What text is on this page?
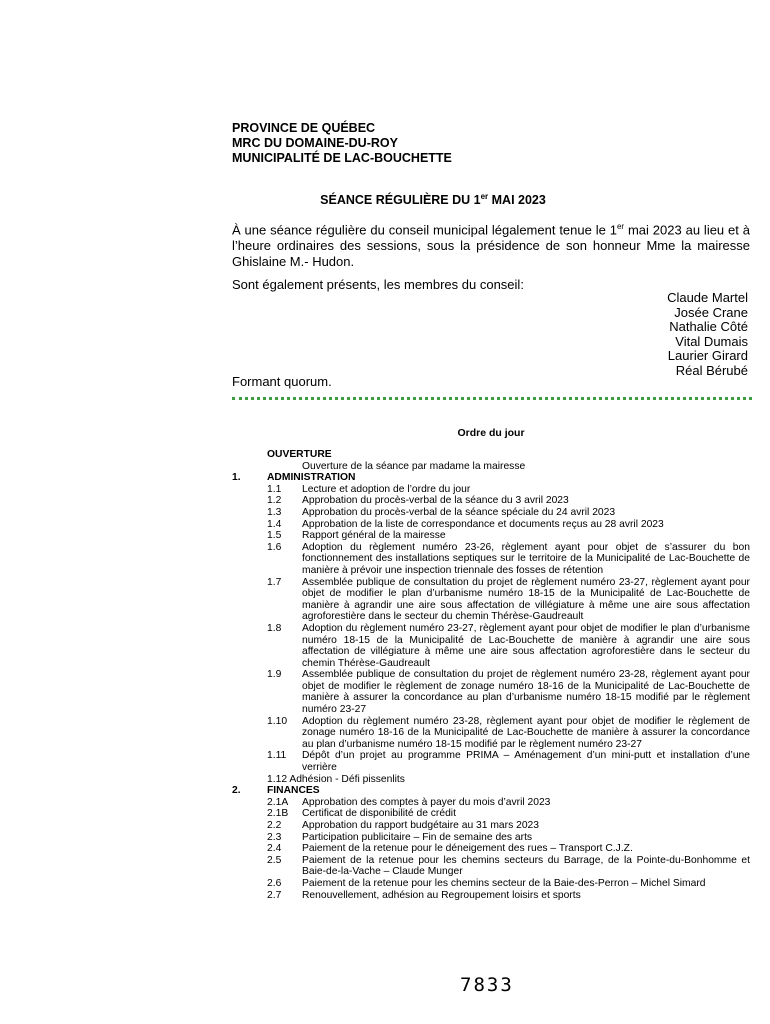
PROVINCE DE QUÉBEC
MRC DU DOMAINE-DU-ROY
MUNICIPALITÉ DE LAC-BOUCHETTE
SÉANCE RÉGULIÈRE DU 1er MAI 2023
À une séance régulière du conseil municipal légalement tenue le 1er mai 2023 au lieu et à l’heure ordinaires des sessions, sous la présidence de son honneur Mme la mairesse Ghislaine M.- Hudon.
Sont également présents, les membres du conseil:
Claude Martel
Josée Crane
Nathalie Côté
Vital Dumais
Laurier Girard
Réal Bérubé
Formant quorum.
Ordre du jour
OUVERTURE
Ouverture de la séance par madame la mairesse
1.	ADMINISTRATION
1.1	Lecture et adoption de l’ordre du jour
1.2	Approbation du procès-verbal de la séance du 3 avril 2023
1.3	Approbation du procès-verbal de la séance spéciale du 24 avril 2023
1.4	Approbation de la liste de correspondance et documents reçus au 28 avril 2023
1.5	Rapport général de la mairesse
1.6	Adoption du règlement numéro 23-26, règlement ayant pour objet de s’assurer du bon fonctionnement des installations septiques sur le territoire de la Municipalité de Lac-Bouchette de manière à prévoir une inspection triennale des fosses de rétention
1.7	Assemblée publique de consultation du projet de règlement numéro 23-27, règlement ayant pour objet de modifier le plan d’urbanisme numéro 18-15 de la Municipalité de Lac-Bouchette de manière à agrandir une aire sous affectation de villégiature à même une aire sous affectation agroforestière dans le secteur du chemin Thérèse-Gaudreault
1.8	Adoption du règlement numéro 23-27, règlement ayant pour objet de modifier le plan d’urbanisme numéro 18-15 de la Municipalité de Lac-Bouchette de manière à agrandir une aire sous affectation de villégiature à même une aire sous affectation agroforestière dans le secteur du chemin Thérèse-Gaudreault
1.9	Assemblée publique de consultation du projet de règlement numéro 23-28, règlement ayant pour objet de modifier le règlement de zonage numéro 18-16 de la Municipalité de Lac-Bouchette de manière à assurer la concordance au plan d’urbanisme numéro 18-15 modifié par le règlement numéro 23-27
1.10	Adoption du règlement numéro 23-28, règlement ayant pour objet de modifier le règlement de zonage numéro 18-16 de la Municipalité de Lac-Bouchette de manière à assurer la concordance au plan d’urbanisme numéro 18-15 modifié par le règlement numéro 23-27
1.11	Dépôt d’un projet au programme PRIMA – Aménagement d’un mini-putt et installation d’une verrière
1.12 Adhésion - Défi pissenlits
2.	FINANCES
2.1A	Approbation des comptes à payer du mois d’avril 2023
2.1B	Certificat de disponibilité de crédit
2.2	Approbation du rapport budgétaire au 31 mars 2023
2.3	Participation publicitaire – Fin de semaine des arts
2.4	Paiement de la retenue pour le déneigement des rues – Transport C.J.Z.
2.5	Paiement de la retenue pour les chemins secteurs du Barrage, de la Pointe-du-Bonhomme et Baie-de-la-Vache – Claude Munger
2.6	Paiement de la retenue pour les chemins secteur de la Baie-des-Perron – Michel Simard
2.7	Renouvellement, adhésion au Regroupement loisirs et sports
7833
